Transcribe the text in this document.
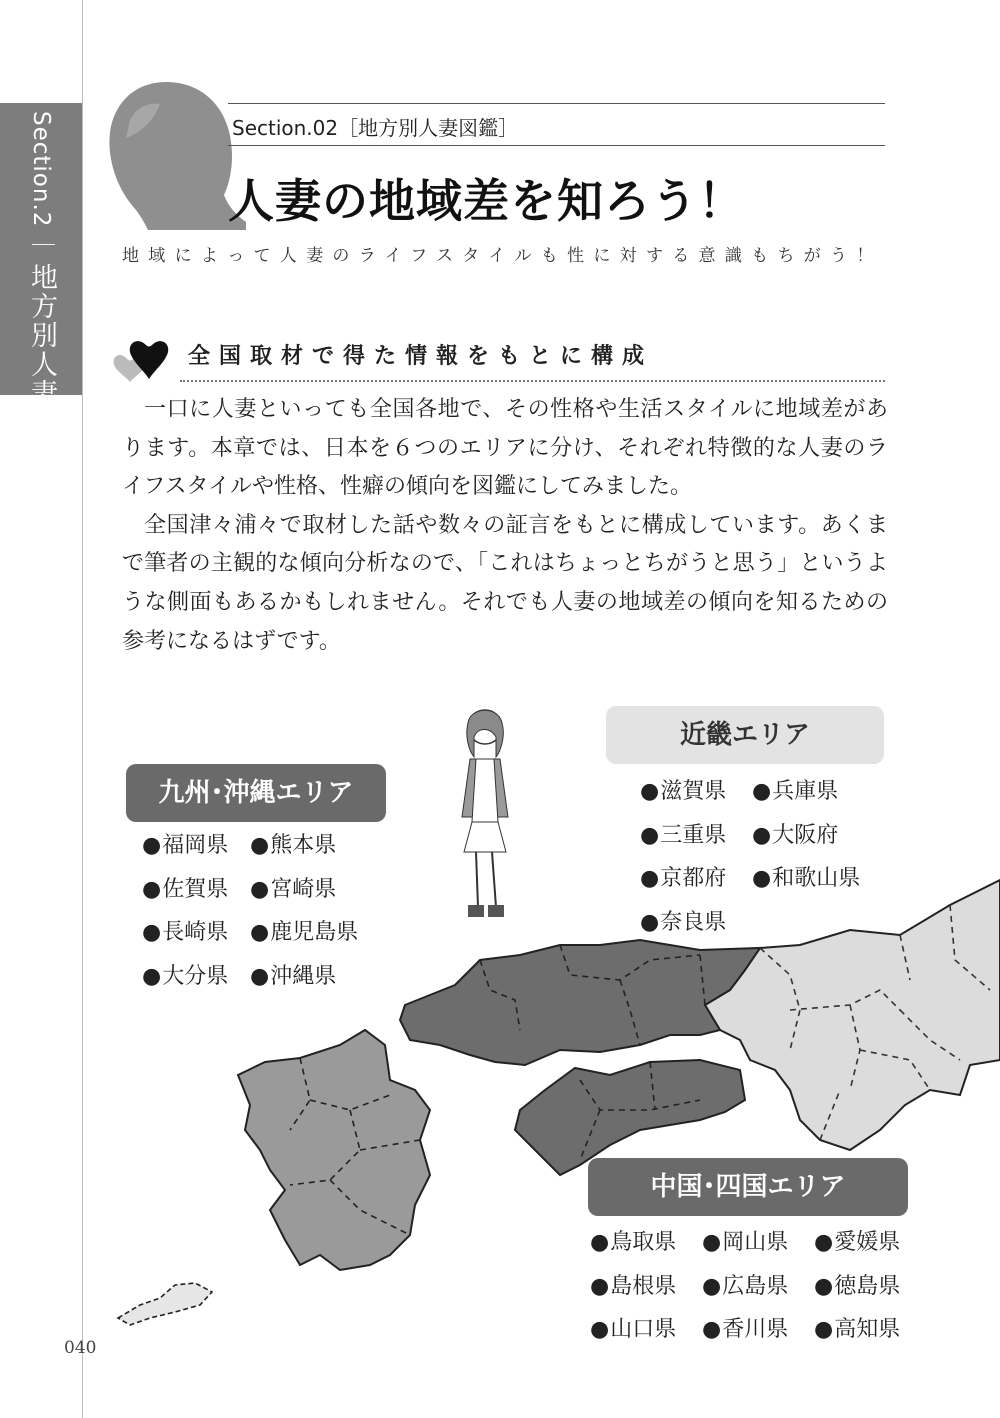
Section.2｜地方別人妻図鑑
Section.02［地方別人妻図鑑］
人妻の地域差を知ろう！
地域によって人妻のライフスタイルも性に対する意識もちがう！
全国取材で得た情報をもとに構成

一口に人妻といっても全国各地で、その性格や生活スタイルに地域差があります。本章では、日本を６つのエリアに分け、それぞれ特徴的な人妻のライフスタイルや性格、性癖の傾向を図鑑にしてみました。

全国津々浦々で取材した話や数々の証言をもとに構成しています。あくまで筆者の主観的な傾向分析なので、「これはちょっとちがうと思う」というような側面もあるかもしれません。それでも人妻の地域差の傾向を知るための参考になるはずです。

近畿エリア
● 滋賀県	● 兵庫県
● 三重県	● 大阪府
● 京都府	● 和歌山県
● 奈良県
九州･沖縄エリア
● 福岡県	● 熊本県
● 佐賀県	● 宮崎県
● 長崎県	● 鹿児島県
● 大分県	● 沖縄県
中国･四国エリア
● 鳥取県	● 岡山県	● 愛媛県
● 島根県	● 広島県	● 徳島県
● 山口県	● 香川県	● 高知県
040
